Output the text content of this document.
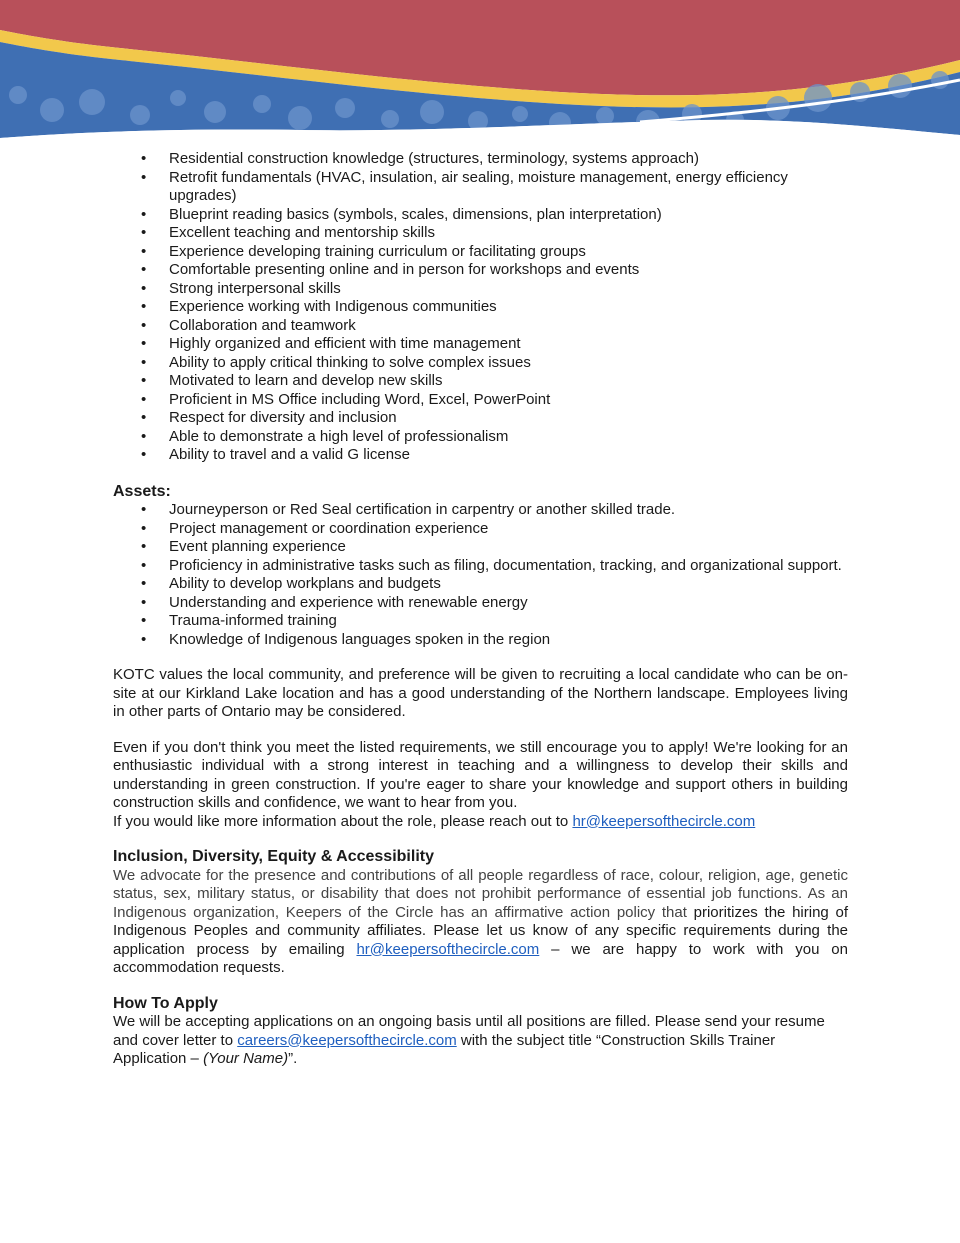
• Residential construction knowledge (structures, terminology, systems approach)
• Retrofit fundamentals (HVAC, insulation, air sealing, moisture management, energy efficiency upgrades)
• Blueprint reading basics (symbols, scales, dimensions, plan interpretation)
• Excellent teaching and mentorship skills
• Experience developing training curriculum or facilitating groups
• Comfortable presenting online and in person for workshops and events
• Strong interpersonal skills
• Experience working with Indigenous communities
• Collaboration and teamwork
• Highly organized and efficient with time management
• Ability to apply critical thinking to solve complex issues
• Motivated to learn and develop new skills
• Proficient in MS Office including Word, Excel, PowerPoint
• Respect for diversity and inclusion
• Able to demonstrate a high level of professionalism
• Ability to travel and a valid G license
Assets:
• Journeyperson or Red Seal certification in carpentry or another skilled trade.
• Project management or coordination experience
• Event planning experience
• Proficiency in administrative tasks such as filing, documentation, tracking, and organizational support.
• Ability to develop workplans and budgets
• Understanding and experience with renewable energy
• Trauma-informed training
• Knowledge of Indigenous languages spoken in the region

KOTC values the local community, and preference will be given to recruiting a local candidate who can be on-site at our Kirkland Lake location and has a good understanding of the Northern landscape. Employees living in other parts of Ontario may be considered.

Even if you don't think you meet the listed requirements, we still encourage you to apply! We're looking for an enthusiastic individual with a strong interest in teaching and a willingness to develop their skills and understanding in green construction. If you're eager to share your knowledge and support others in building construction skills and confidence, we want to hear from you.

If you would like more information about the role, please reach out to hr@keepersofthecircle.com

Inclusion, Diversity, Equity & Accessibility

We advocate for the presence and contributions of all people regardless of race, colour, religion, age, genetic status, sex, military status, or disability that does not prohibit performance of essential job functions. As an Indigenous organization, Keepers of the Circle has an affirmative action policy that prioritizes the hiring of Indigenous Peoples and community affiliates. Please let us know of any specific requirements during the application process by emailing hr@keepersofthecircle.com – we are happy to work with you on accommodation requests.

How To Apply

We will be accepting applications on an ongoing basis until all positions are filled. Please send your resume and cover letter to careers@keepersofthecircle.com with the subject title “Construction Skills Trainer Application – (Your Name)”.
